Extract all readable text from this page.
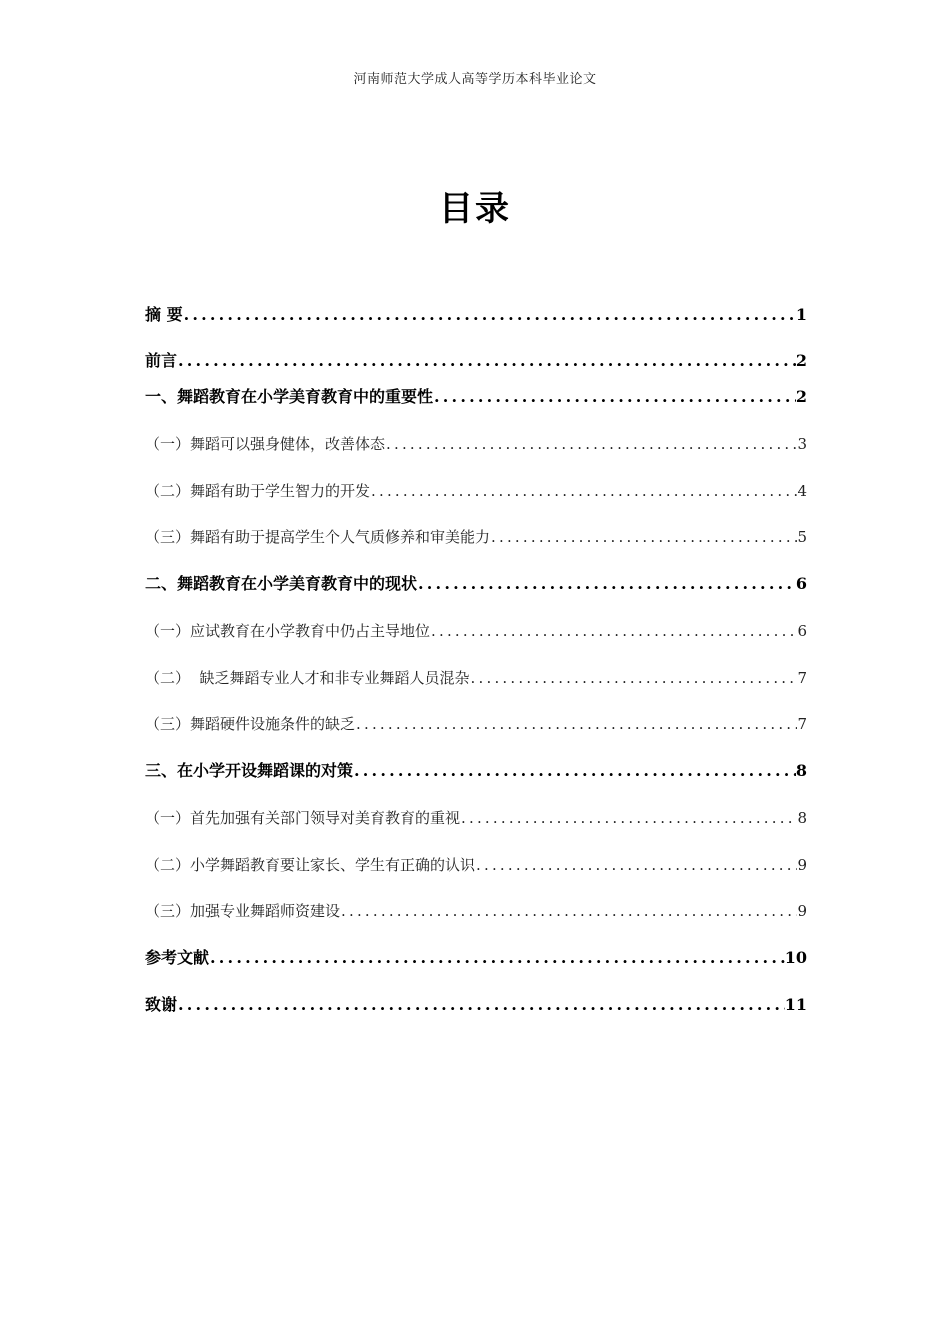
河南师范大学成人高等学历本科毕业论文
目录
摘 要 .....	1
前言 .....	2
一、舞蹈教育在小学美育教育中的重要性 .....	2
（一）舞蹈可以强身健体，改善体态 .....	3
（二）舞蹈有助于学生智力的开发 .....	4
（三）舞蹈有助于提高学生个人气质修养和审美能力 .....	5
二、舞蹈教育在小学美育教育中的现状 .....	6
（一）应试教育在小学教育中仍占主导地位 .....	6
（二）  缺乏舞蹈专业人才和非专业舞蹈人员混杂 .....	7
（三）舞蹈硬件设施条件的缺乏 .....	7
三、在小学开设舞蹈课的对策 .....	8
（一）首先加强有关部门领导对美育教育的重视 .....	8
（二）小学舞蹈教育要让家长、学生有正确的认识 .....	9
（三）加强专业舞蹈师资建设 .....	9
参考文献 .....	10
致谢 .....	11
